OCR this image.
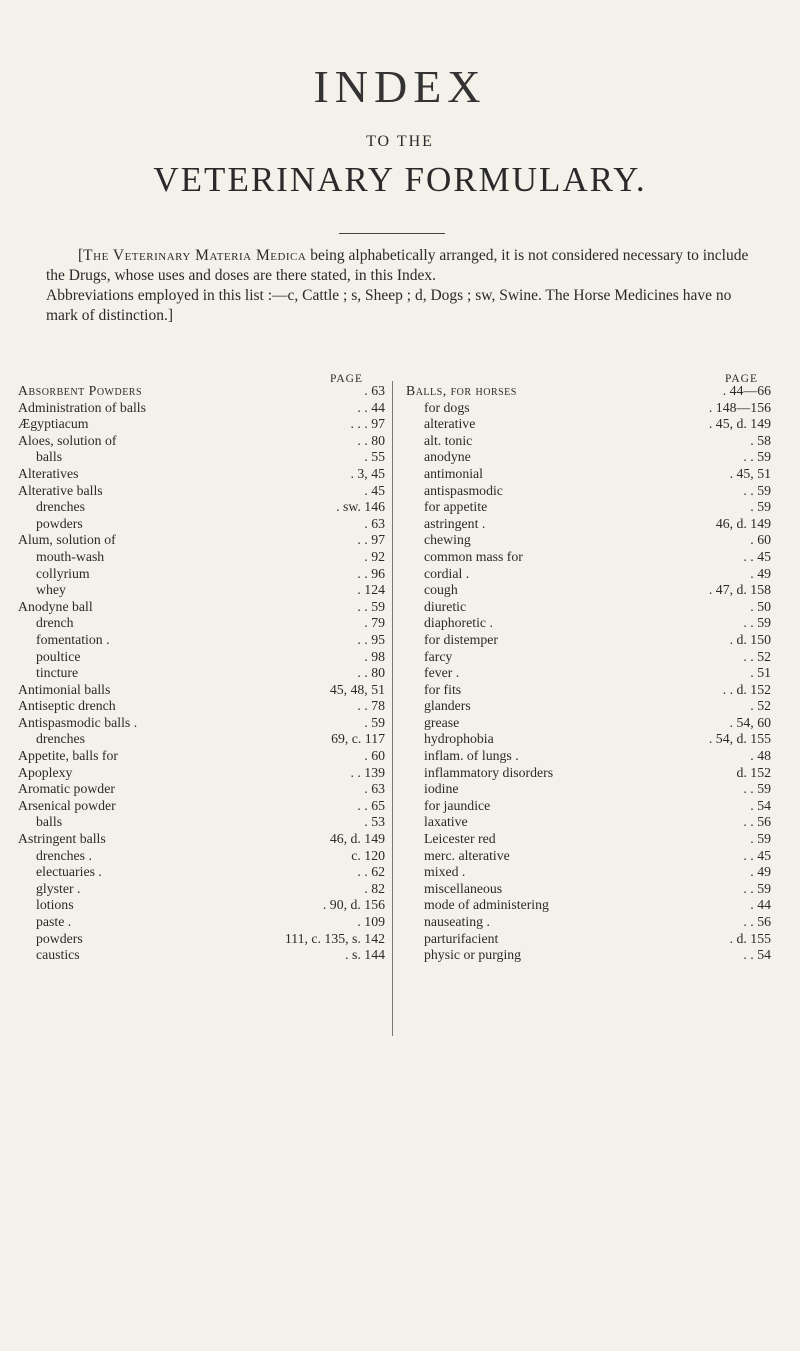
INDEX
TO THE
VETERINARY FORMULARY.
[The Veterinary Materia Medica being alphabetically arranged, it is not considered necessary to include the Drugs, whose uses and doses are there stated, in this Index.
Abbreviations employed in this list :—c, Cattle ; s, Sheep ; d, Dogs ; sw, Swine. The Horse Medicines have no mark of distinction.]
PAGE	PAGE
Absorbent Powders	. 63
Administration of balls	. . 44
Ægyptiacum	. . . 97
Aloes, solution of	. . 80
balls	. 55
Alteratives	. 3, 45
Alterative balls	. 45
drenches	. sw. 146
powders	. 63
Alum, solution of	. . 97
mouth-wash	. 92
collyrium	. . 96
whey	. 124
Anodyne ball	. . 59
drench	. 79
fomentation .	. . 95
poultice	. 98
tincture	. . 80
Antimonial balls	45, 48, 51
Antiseptic drench	. . 78
Antispasmodic balls .	. 59
drenches	69, c. 117
Appetite, balls for	. 60
Apoplexy	. . 139
Aromatic powder	. 63
Arsenical powder	. . 65
balls	. 53
Astringent balls	46, d. 149
drenches .	c. 120
electuaries .	. . 62
glyster .	. 82
lotions	. 90, d. 156
paste .	. 109
powders	111, c. 135, s. 142
caustics	. s. 144
Balls, for horses	. 44—66
for dogs	. 148—156
alterative	. 45, d. 149
alt. tonic	. 58
anodyne	. . 59
antimonial	. 45, 51
antispasmodic	. . 59
for appetite	. 59
astringent .	46, d. 149
chewing	. 60
common mass for	. . 45
cordial .	. 49
cough	. 47, d. 158
diuretic	. 50
diaphoretic .	. . 59
for distemper	. d. 150
farcy	. . 52
fever .	. 51
for fits	. . d. 152
glanders	. 52
grease	. 54, 60
hydrophobia	. 54, d. 155
inflam. of lungs .	. 48
inflammatory disorders	d. 152
iodine	. . 59
for jaundice	. 54
laxative	. . 56
Leicester red	. 59
merc. alterative	. . 45
mixed .	. 49
miscellaneous	. . 59
mode of administering	. 44
nauseating .	. . 56
parturifacient	. d. 155
physic or purging	. . 54
